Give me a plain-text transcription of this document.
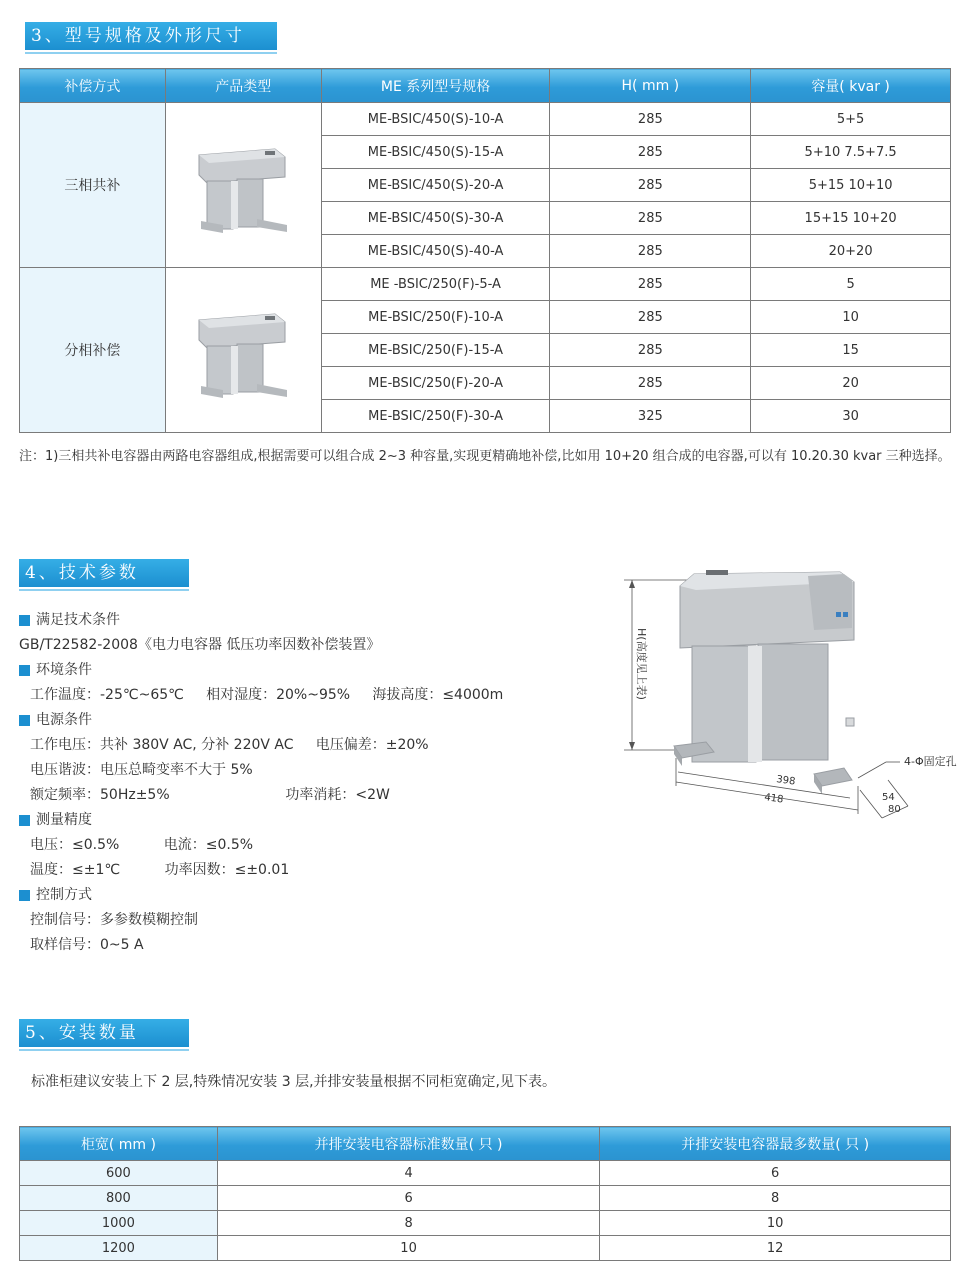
3、型号规格及外形尺寸
补偿方式	产品类型	ME 系列型号规格	H( mm )	容量( kvar )
三相共补		ME-BSIC/450(S)-10-A	285	5+5
		ME-BSIC/450(S)-15-A	285	5+10 7.5+7.5
		ME-BSIC/450(S)-20-A	285	5+15 10+10
		ME-BSIC/450(S)-30-A	285	15+15 10+20
		ME-BSIC/450(S)-40-A	285	20+20
分相补偿		ME -BSIC/250(F)-5-A	285	5
		ME-BSIC/250(F)-10-A	285	10
		ME-BSIC/250(F)-15-A	285	15
		ME-BSIC/250(F)-20-A	285	20
		ME-BSIC/250(F)-30-A	325	30
注：1)三相共补电容器由两路电容器组成,根据需要可以组合成 2~3 种容量,实现更精确地补偿,比如用 10+20 组合成的电容器,可以有 10.20.30 kvar 三种选择。
4、技术参数
满足技术条件
GB/T22582-2008《电力电容器 低压功率因数补偿装置》
环境条件
工作温度：-25℃~65℃     相对湿度：20%~95%     海拔高度：≤4000m
电源条件
工作电压：共补 380V AC, 分补 220V AC     电压偏差：±20%
电压谐波：电压总畸变率不大于 5%
额定频率：50Hz±5%                          功率消耗：<2W
测量精度
电压：≤0.5%          电流：≤0.5%
温度：≤±1℃          功率因数：≤±0.01
控制方式
控制信号：多参数模糊控制
取样信号：0~5 A
H(高度见上表)
398
418	54
80
4-Φ固定孔
5、安装数量
标准柜建议安装上下 2 层,特殊情况安装 3 层,并排安装量根据不同柜宽确定,见下表。
柜宽( mm )	并排安装电容器标准数量( 只 )	并排安装电容器最多数量( 只 )
600	4	6
800	6	8
1000	8	10
1200	10	12
